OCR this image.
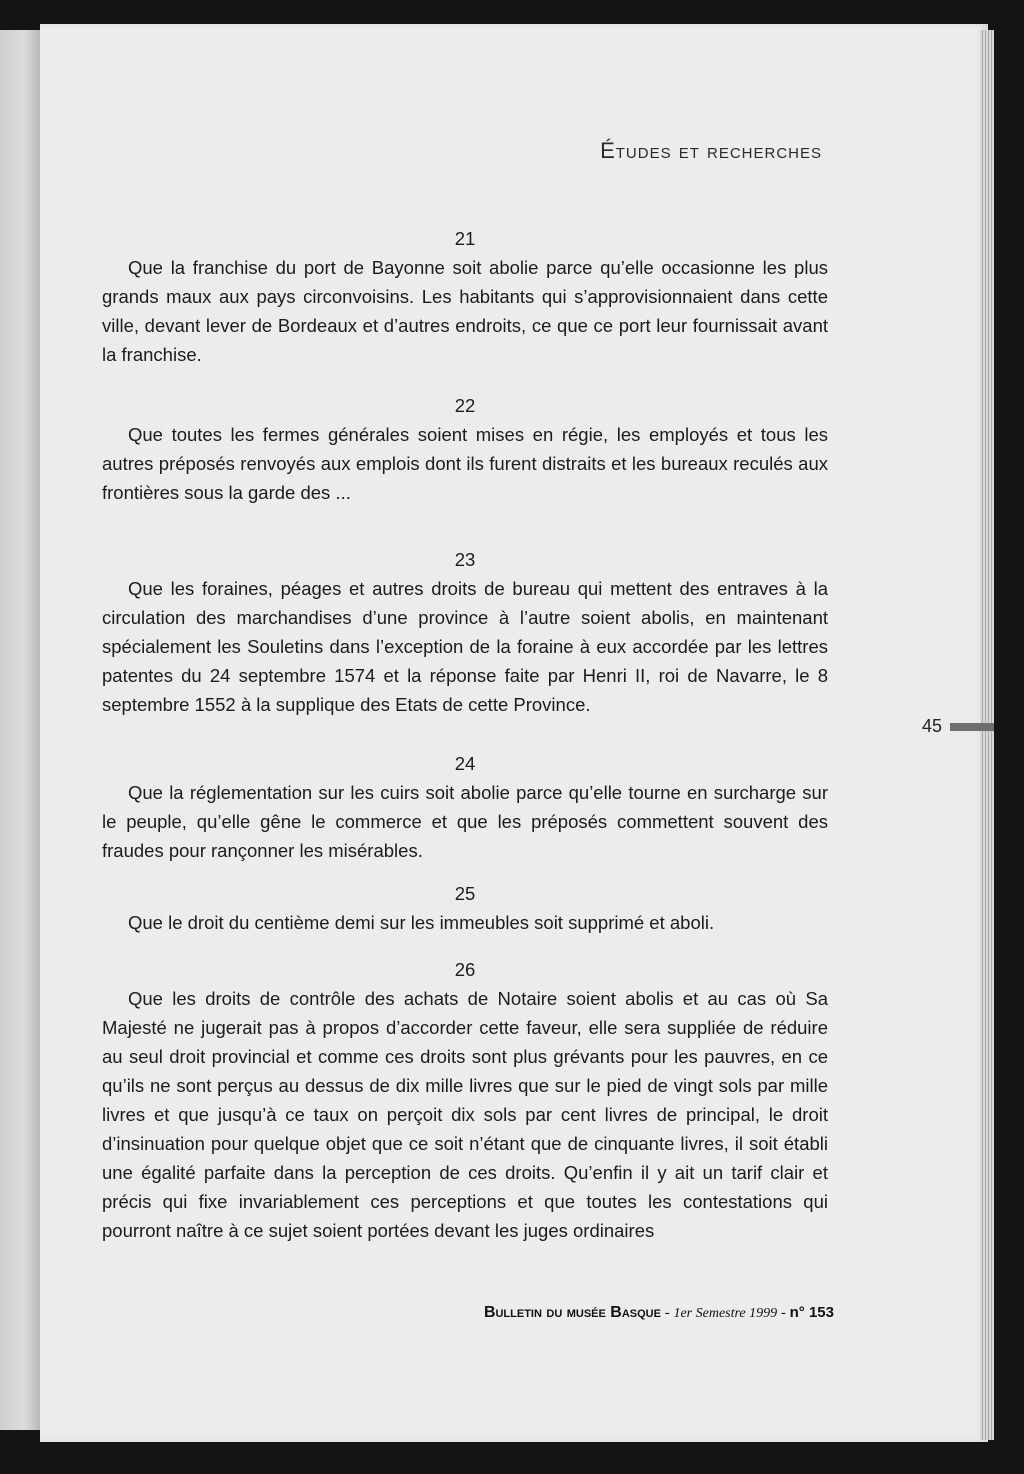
Études et recherches

21

Que la franchise du port de Bayonne soit abolie parce qu’elle occasionne les plus grands maux aux pays circonvoisins. Les habitants qui s’approvisionnaient dans cette ville, devant lever de Bordeaux et d’autres endroits, ce que ce port leur fournissait avant la franchise.

22

Que toutes les fermes générales soient mises en régie, les employés et tous les autres préposés renvoyés aux emplois dont ils furent distraits et les bureaux reculés aux frontières sous la garde des ...

23

Que les foraines, péages et autres droits de bureau qui mettent des entraves à la circulation des marchandises d’une province à l’autre soient abolis, en maintenant spécialement les Souletins dans l’exception de la foraine à eux accordée par les lettres patentes du 24 septembre 1574 et la réponse faite par Henri II, roi de Navarre, le 8 septembre 1552 à la supplique des Etats de cette Province.

24

Que la réglementation sur les cuirs soit abolie parce qu’elle tourne en surcharge sur le peuple, qu’elle gêne le commerce et que les préposés commettent souvent des fraudes pour rançonner les misérables.

25

Que le droit du centième demi sur les immeubles soit supprimé et aboli.

26

Que les droits de contrôle des achats de Notaire soient abolis et au cas où Sa Majesté ne jugerait pas à propos d’accorder cette faveur, elle sera suppliée de réduire au seul droit provincial et comme ces droits sont plus grévants pour les pauvres, en ce qu’ils ne sont perçus au dessus de dix mille livres que sur le pied de vingt sols par mille livres et que jusqu’à ce taux on perçoit dix sols par cent livres de principal, le droit d’insinuation pour quelque objet que ce soit n’étant que de cinquante livres, il soit établi une égalité parfaite dans la perception de ces droits. Qu’enfin il y ait un tarif clair et précis qui fixe invariablement ces perceptions et que toutes les contestations qui pourront naître à ce sujet soient portées devant les juges ordinaires

45
Bulletin du musée Basque - 1er Semestre 1999 - n° 153
